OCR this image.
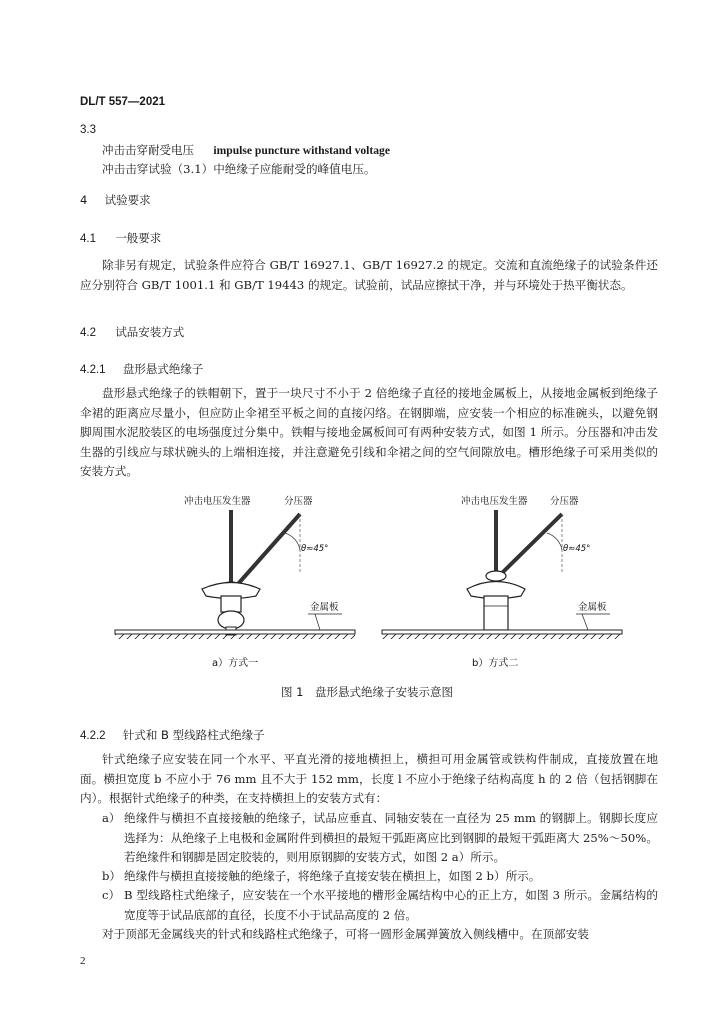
DL/T 557—2021
3.3
冲击击穿耐受电压 impulse puncture withstand voltage
冲击击穿试验（3.1）中绝缘子应能耐受的峰值电压。
4 试验要求
4.1 一般要求

除非另有规定，试验条件应符合 GB/T 16927.1、GB/T 16927.2 的规定。交流和直流绝缘子的试验条件还应分别符合 GB/T 1001.1 和 GB/T 19443 的规定。试验前，试品应擦拭干净，并与环境处于热平衡状态。

4.2 试品安装方式
4.2.1 盘形悬式绝缘子

盘形悬式绝缘子的铁帽朝下，置于一块尺寸不小于 2 倍绝缘子直径的接地金属板上，从接地金属板到绝缘子伞裙的距离应尽量小，但应防止伞裙至平板之间的直接闪络。在钢脚端，应安装一个相应的标准碗头，以避免钢脚周围水泥胶装区的电场强度过分集中。铁帽与接地金属板间可有两种安装方式，如图 1 所示。分压器和冲击发生器的引线应与球状碗头的上端相连接，并注意避免引线和伞裙之间的空气间隙放电。槽形绝缘子可采用类似的安装方式。

冲击电压发生器	分压器
θ≈45°
金属板
a）方式一
冲击电压发生器 分压器
θ≈45°
金属板
b）方式二
图 1　盘形悬式绝缘子安装示意图
4.2.2 针式和 B 型线路柱式绝缘子

针式绝缘子应安装在同一个水平、平直光滑的接地横担上，横担可用金属管或铁构件制成，直接放置在地面。横担宽度 b 不应小于 76 mm 且不大于 152 mm，长度 l 不应小于绝缘子结构高度 h 的 2 倍（包括钢脚在内）。根据针式绝缘子的种类，在支持横担上的安装方式有：

a） 绝缘件与横担不直接接触的绝缘子，试品应垂直、同轴安装在一直径为 25 mm 的钢脚上。钢脚长度应选择为：从绝缘子上电极和金属附件到横担的最短干弧距离应比到钢脚的最短干弧距离大 25%～50%。若绝缘件和钢脚是固定胶装的，则用原钢脚的安装方式，如图 2 a）所示。
b） 绝缘件与横担直接接触的绝缘子，将绝缘子直接安装在横担上，如图 2 b）所示。
c） B 型线路柱式绝缘子，应安装在一个水平接地的槽形金属结构中心的正上方，如图 3 所示。金属结构的宽度等于试品底部的直径，长度不小于试品高度的 2 倍。

对于顶部无金属线夹的针式和线路柱式绝缘子，可将一圆形金属弹簧放入侧线槽中。在顶部安装

2
